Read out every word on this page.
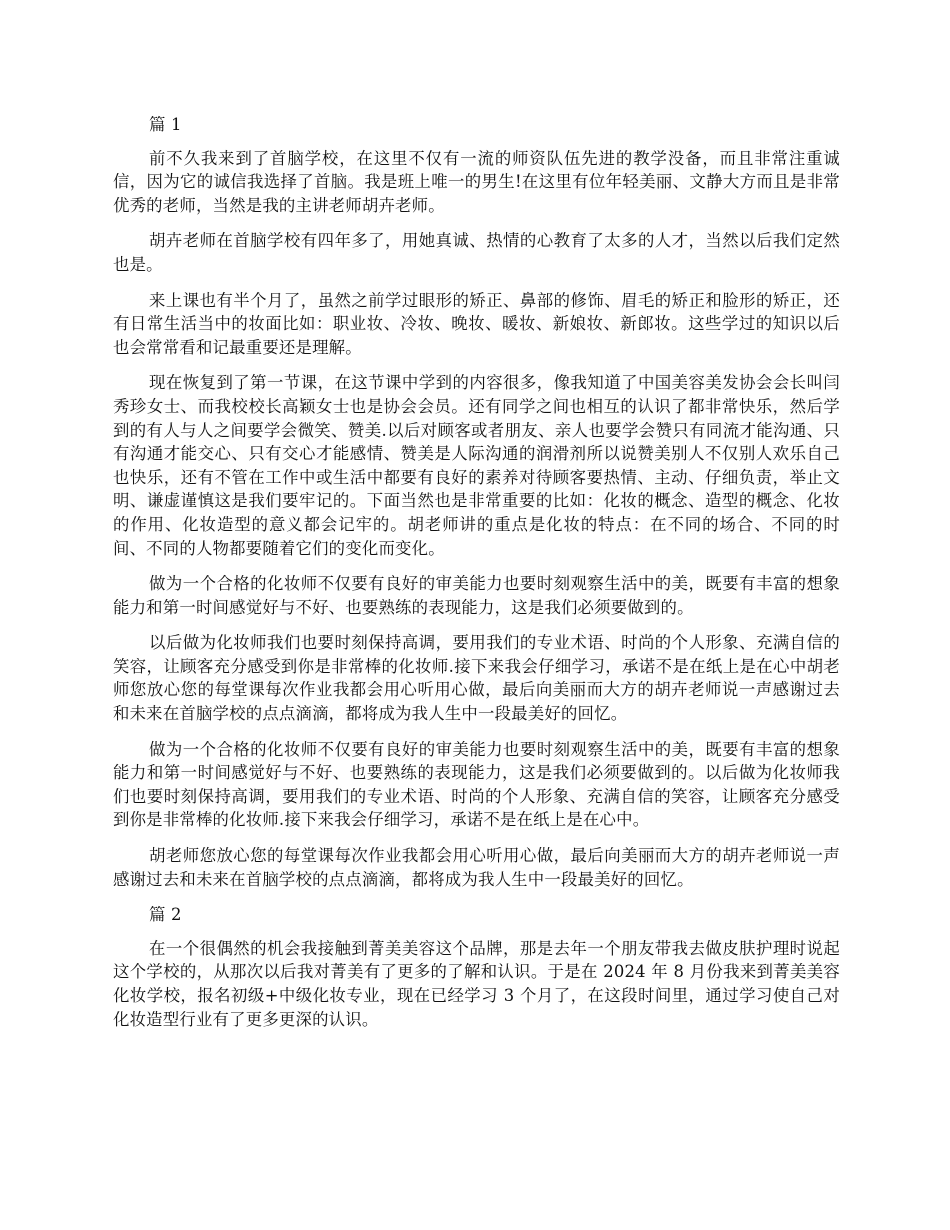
篇 1

前不久我来到了首脑学校，在这里不仅有一流的师资队伍先进的教学没备，而且非常注重诚信，因为它的诚信我选择了首脑。我是班上唯一的男生!在这里有位年轻美丽、文静大方而且是非常优秀的老师，当然是我的主讲老师胡卉老师。

胡卉老师在首脑学校有四年多了，用她真诚、热情的心教育了太多的人才，当然以后我们定然也是。

来上课也有半个月了，虽然之前学过眼形的矫正、鼻部的修饰、眉毛的矫正和脸形的矫正，还有日常生活当中的妆面比如：职业妆、冷妆、晚妆、暖妆、新娘妆、新郎妆。这些学过的知识以后也会常常看和记最重要还是理解。

现在恢复到了第一节课，在这节课中学到的内容很多，像我知道了中国美容美发协会会长叫闫秀珍女士、而我校校长高颖女士也是协会会员。还有同学之间也相互的认识了都非常快乐，然后学到的有人与人之间要学会微笑、赞美.以后对顾客或者朋友、亲人也要学会赞只有同流才能沟通、只有沟通才能交心、只有交心才能感情、赞美是人际沟通的润滑剂所以说赞美别人不仅别人欢乐自己也快乐，还有不管在工作中或生活中都要有良好的素养对待顾客要热情、主动、仔细负责，举止文明、谦虚谨慎这是我们要牢记的。下面当然也是非常重要的比如：化妆的概念、造型的概念、化妆的作用、化妆造型的意义都会记牢的。胡老师讲的重点是化妆的特点：在不同的场合、不同的时间、不同的人物都要随着它们的变化而变化。

做为一个合格的化妆师不仅要有良好的审美能力也要时刻观察生活中的美，既要有丰富的想象能力和第一时间感觉好与不好、也要熟练的表现能力，这是我们必须要做到的。

以后做为化妆师我们也要时刻保持高调，要用我们的专业术语、时尚的个人形象、充满自信的笑容，让顾客充分感受到你是非常棒的化妆师.接下来我会仔细学习，承诺不是在纸上是在心中胡老师您放心您的每堂课每次作业我都会用心听用心做，最后向美丽而大方的胡卉老师说一声感谢过去和未来在首脑学校的点点滴滴，都将成为我人生中一段最美好的回忆。

做为一个合格的化妆师不仅要有良好的审美能力也要时刻观察生活中的美，既要有丰富的想象能力和第一时间感觉好与不好、也要熟练的表现能力，这是我们必须要做到的。以后做为化妆师我们也要时刻保持高调，要用我们的专业术语、时尚的个人形象、充满自信的笑容，让顾客充分感受到你是非常棒的化妆师.接下来我会仔细学习，承诺不是在纸上是在心中。

胡老师您放心您的每堂课每次作业我都会用心听用心做，最后向美丽而大方的胡卉老师说一声感谢过去和未来在首脑学校的点点滴滴，都将成为我人生中一段最美好的回忆。

篇 2

在一个很偶然的机会我接触到菁美美容这个品牌，那是去年一个朋友带我去做皮肤护理时说起这个学校的，从那次以后我对菁美有了更多的了解和认识。于是在 2024 年 8 月份我来到菁美美容化妆学校，报名初级+中级化妆专业，现在已经学习 3 个月了，在这段时间里，通过学习使自己对化妆造型行业有了更多更深的认识。
